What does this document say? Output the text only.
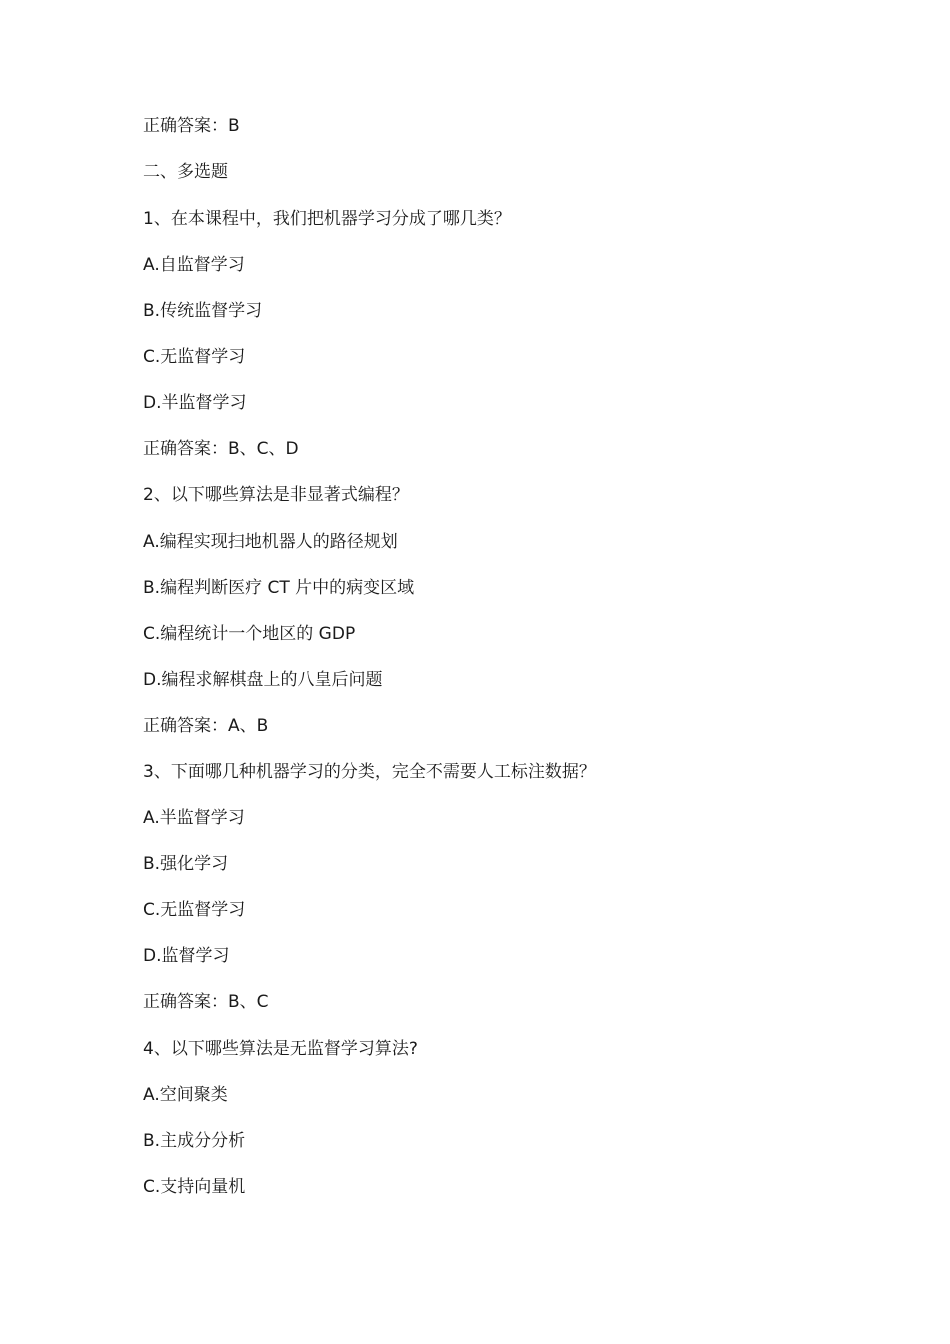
正确答案：B
二、多选题
1、在本课程中，我们把机器学习分成了哪几类？
A.自监督学习
B.传统监督学习
C.无监督学习
D.半监督学习
正确答案：B、C、D
2、以下哪些算法是非显著式编程？
A.编程实现扫地机器人的路径规划
B.编程判断医疗 CT 片中的病变区域
C.编程统计一个地区的 GDP
D.编程求解棋盘上的八皇后问题
正确答案：A、B
3、下面哪几种机器学习的分类，完全不需要人工标注数据？
A.半监督学习
B.强化学习
C.无监督学习
D.监督学习
正确答案：B、C
4、以下哪些算法是无监督学习算法?
A.空间聚类
B.主成分分析
C.支持向量机
